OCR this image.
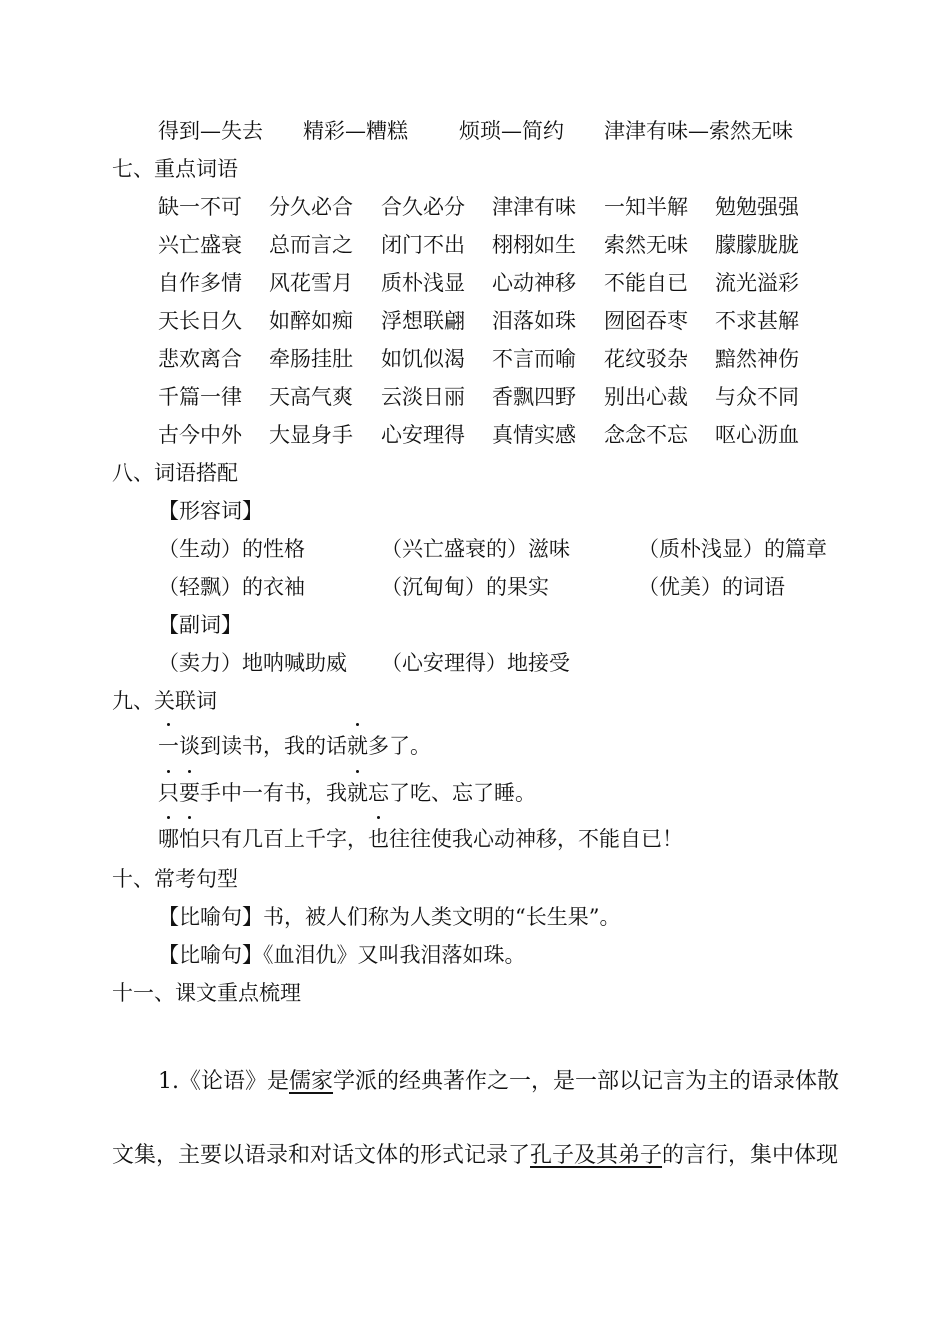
得到—失去 精彩—糟糕 烦琐—简约 津津有味—索然无味
七、重点词语
缺一不可 分久必合 合久必分 津津有味 一知半解 勉勉强强
兴亡盛衰 总而言之 闭门不出 栩栩如生 索然无味 朦朦胧胧
自作多情 风花雪月 质朴浅显 心动神移 不能自已 流光溢彩
天长日久 如醉如痴 浮想联翩 泪落如珠 囫囵吞枣 不求甚解
悲欢离合 牵肠挂肚 如饥似渴 不言而喻 花纹驳杂 黯然神伤
千篇一律 天高气爽 云淡日丽 香飘四野 别出心裁 与众不同
古今中外 大显身手 心安理得 真情实感 念念不忘 呕心沥血
八、词语搭配
【形容词】
（生动）的性格	（兴亡盛衰的）滋味	（质朴浅显）的篇章
（轻飘）的衣袖	（沉甸甸）的果实	（优美）的词语
【副词】
（卖力）地呐喊助威 （心安理得）地接受
九、关联词
一谈到读书，我的话就多了。
只要手中一有书，我就忘了吃、忘了睡。
哪怕只有几百上千字，也往往使我心动神移，不能自已！
十、常考句型
【比喻句】书，被人们称为人类文明的“长生果”。
【比喻句】《血泪仇》又叫我泪落如珠。
十一、课文重点梳理
1.《论语》是儒家学派的经典著作之一，是一部以记言为主的语录体散
文集，主要以语录和对话文体的形式记录了孔子及其弟子的言行，集中体现
